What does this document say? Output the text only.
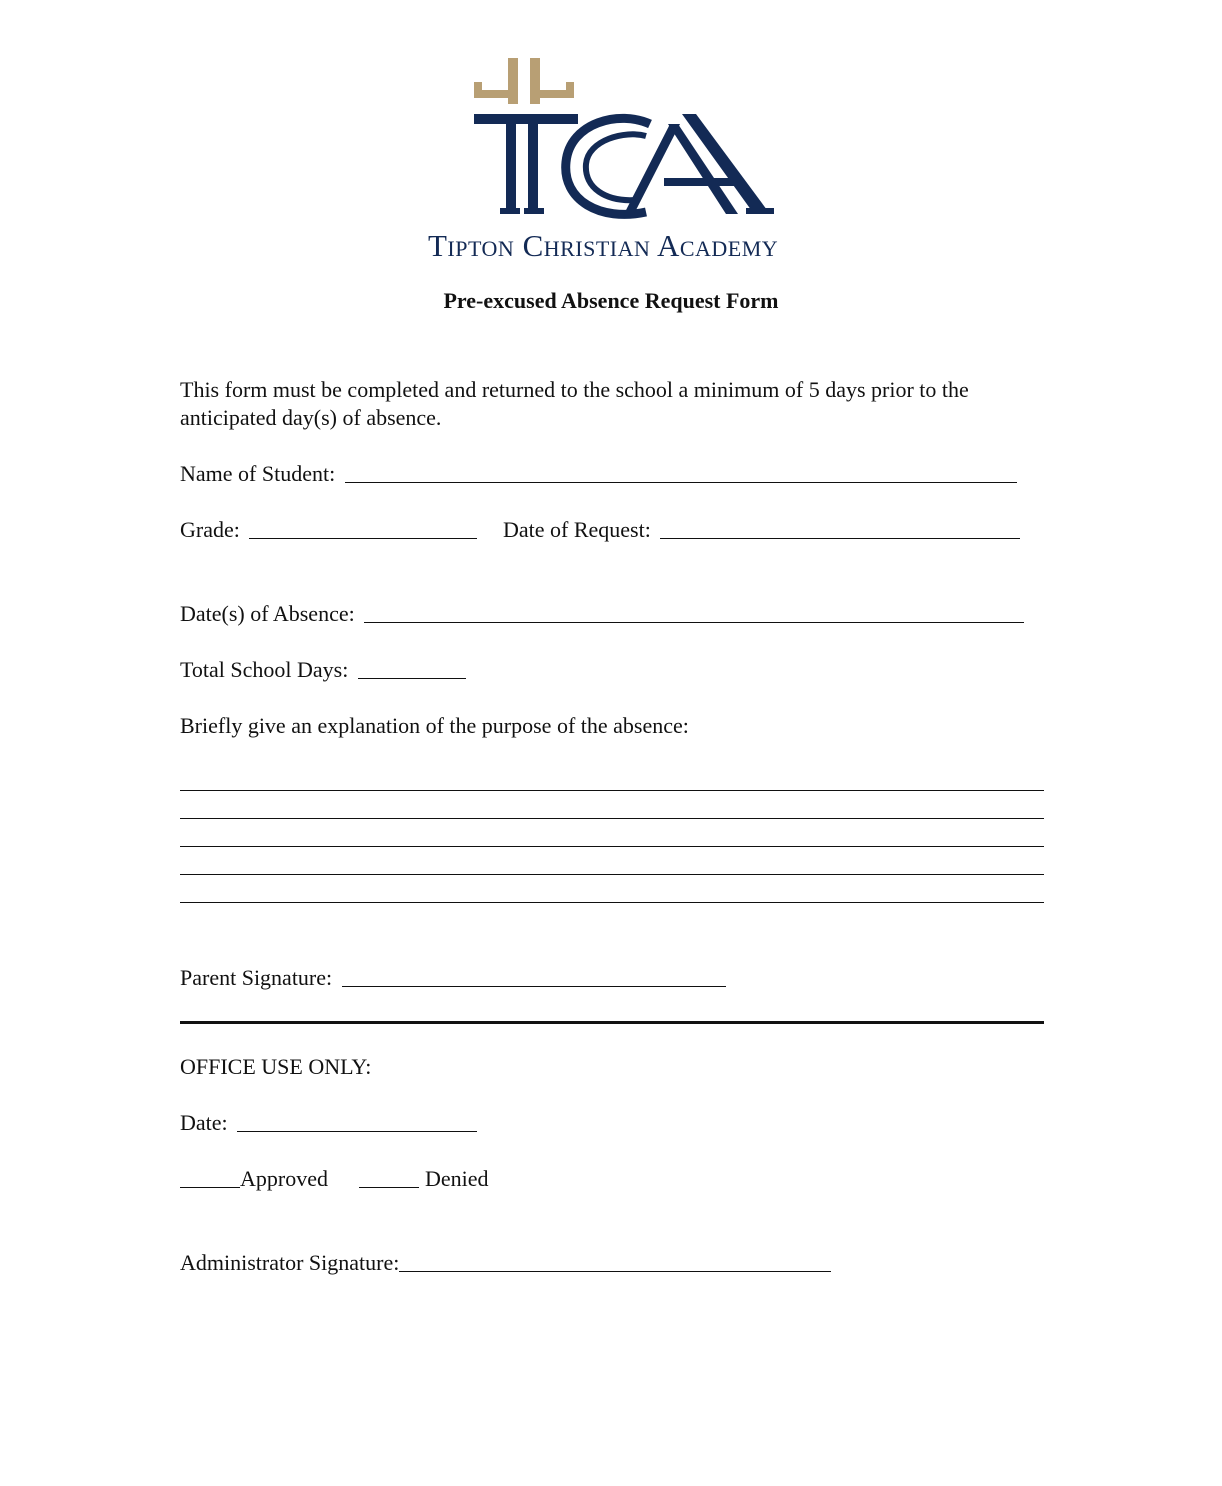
Tipton Christian Academy
Pre-excused Absence Request Form
This form must be completed and returned to the school a minimum of 5 days prior to the anticipated day(s) of absence.
Name of Student:
Grade:	Date of Request:
Date(s) of Absence:
Total School Days:
Briefly give an explanation of the purpose of the absence:
Parent Signature:
OFFICE USE ONLY:
Date:
Approved	Denied
Administrator Signature:
